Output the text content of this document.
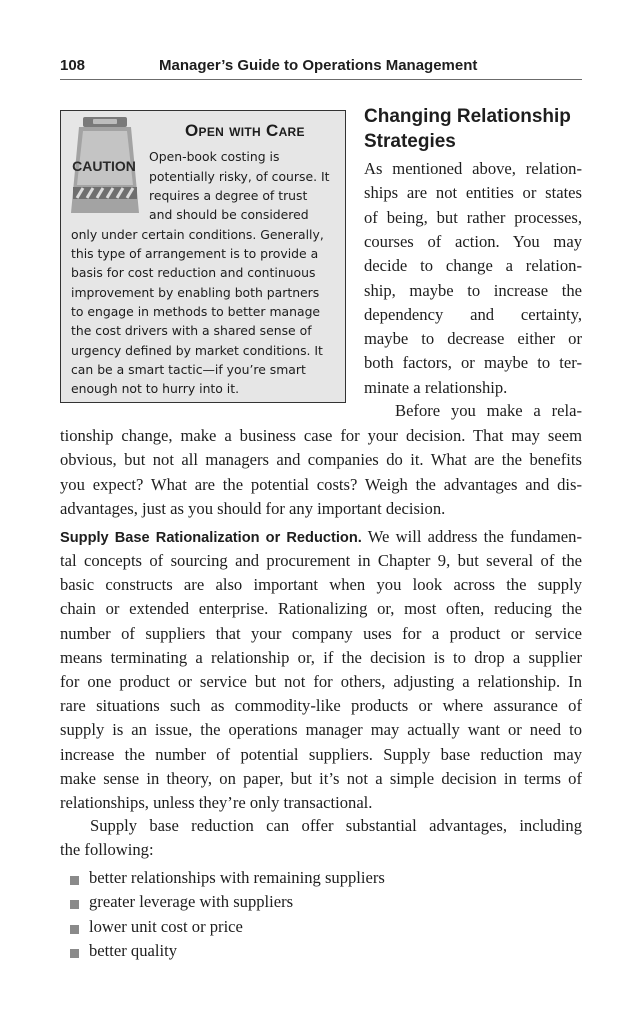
108	Manager’s Guide to Operations Management
CAUTION
Open with Care
Open-book costing is
potentially risky, of course. It
requires a degree of trust
and should be considered
only under certain conditions. Generally,
this type of arrangement is to provide a
basis for cost reduction and continuous
improvement by enabling both partners
to engage in methods to better manage
the cost drivers with a shared sense of
urgency defined by market conditions. It
can be a smart tactic—if you’re smart
enough not to hurry into it.
Changing Relationship
Strategies
As mentioned above, relation-
ships are not entities or states
of being, but rather processes,
courses of action. You may
decide to change a relation-
ship, maybe to increase the
dependency and certainty,
maybe to decrease either or
both factors, or maybe to ter-
minate a relationship.
Before you make a rela-
tionship change, make a business case for your decision. That may seem
obvious, but not all managers and companies do it. What are the benefits
you expect? What are the potential costs? Weigh the advantages and dis-
advantages, just as you should for any important decision.
Supply Base Rationalization or Reduction. We will address the fundamen-
tal concepts of sourcing and procurement in Chapter 9, but several of the
basic constructs are also important when you look across the supply
chain or extended enterprise. Rationalizing or, most often, reducing the
number of suppliers that your company uses for a product or service
means terminating a relationship or, if the decision is to drop a supplier
for one product or service but not for others, adjusting a relationship. In
rare situations such as commodity-like products or where assurance of
supply is an issue, the operations manager may actually want or need to
increase the number of potential suppliers. Supply base reduction may
make sense in theory, on paper, but it’s not a simple decision in terms of
relationships, unless they’re only transactional.
Supply base reduction can offer substantial advantages, including
the following:
better relationships with remaining suppliers
greater leverage with suppliers
lower unit cost or price
better quality
